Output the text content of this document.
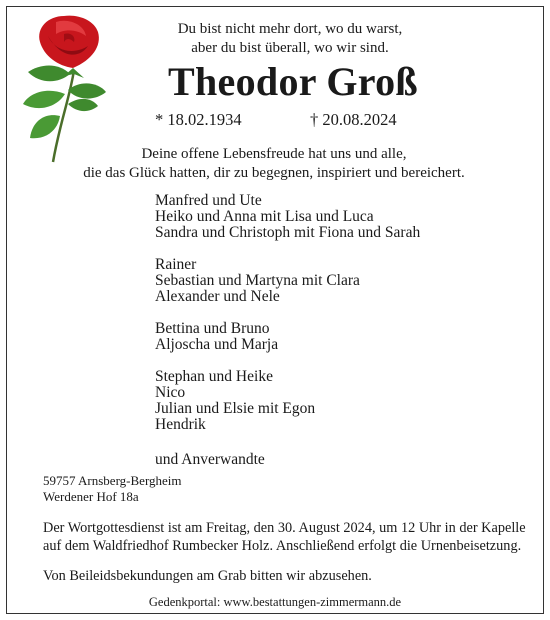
Du bist nicht mehr dort, wo du warst,
aber du bist überall, wo wir sind.
Theodor Groß
* 18.02.1934	† 20.08.2024
Deine offene Lebensfreude hat uns und alle,
die das Glück hatten, dir zu begegnen, inspiriert und bereichert.
Manfred und Ute
Heiko und Anna mit Lisa und Luca
Sandra und Christoph mit Fiona und Sarah
Rainer
Sebastian und Martyna mit Clara
Alexander und Nele
Bettina und Bruno
Aljoscha und Marja
Stephan und Heike
Nico
Julian und Elsie mit Egon
Hendrik
und Anverwandte
59757 Arnsberg-Bergheim
Werdener Hof 18a
Der Wortgottesdienst ist am Freitag, den 30. August 2024, um 12 Uhr in der Kapelle
auf dem Waldfriedhof Rumbecker Holz. Anschließend erfolgt die Urnenbeisetzung.
Von Beileidsbekundungen am Grab bitten wir abzusehen.
Gedenkportal: www.bestattungen-zimmermann.de
